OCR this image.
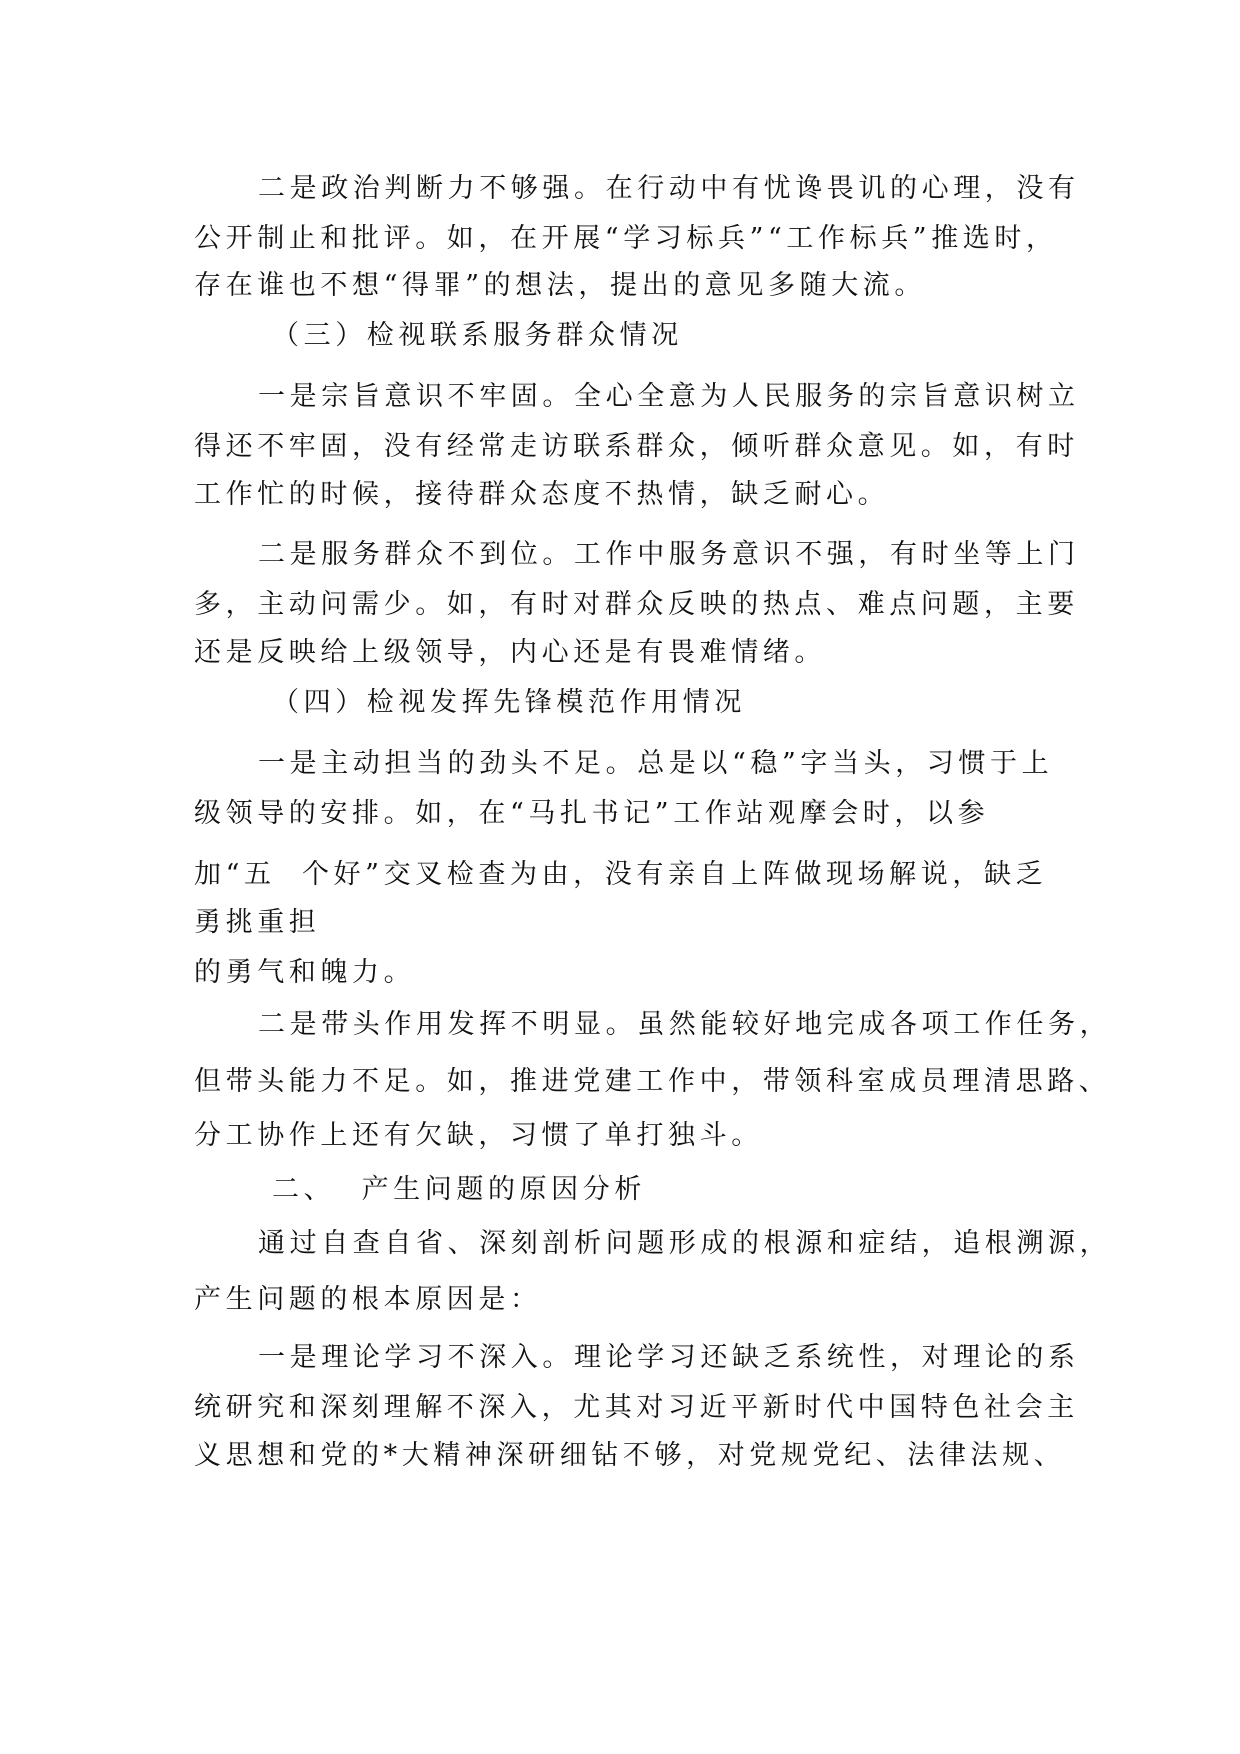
二是政治判断力不够强。在行动中有忧谗畏讥的心理，没有
公开制止和批评。如，在开展“学习标兵”“工作标兵”推选时，
存在谁也不想“得罪”的想法，提出的意见多随大流。
（三）检视联系服务群众情况
一是宗旨意识不牢固。全心全意为人民服务的宗旨意识树立
得还不牢固，没有经常走访联系群众，倾听群众意见。如，有时
工作忙的时候，接待群众态度不热情，缺乏耐心。
二是服务群众不到位。工作中服务意识不强，有时坐等上门
多，主动问需少。如，有时对群众反映的热点、难点问题，主要
还是反映给上级领导，内心还是有畏难情绪。
（四）检视发挥先锋模范作用情况
一是主动担当的劲头不足。总是以“稳”字当头，习惯于上
级领导的安排。如，在“马扎书记”工作站观摩会时，以参
加“五  个好”交叉检查为由，没有亲自上阵做现场解说，缺乏
勇挑重担
的勇气和魄力。
二是带头作用发挥不明显。虽然能较好地完成各项工作任务，
但带头能力不足。如，推进党建工作中，带领科室成员理清思路、
分工协作上还有欠缺，习惯了单打独斗。
二、  产生问题的原因分析
通过自查自省、深刻剖析问题形成的根源和症结，追根溯源，
产生问题的根本原因是：
一是理论学习不深入。理论学习还缺乏系统性，对理论的系
统研究和深刻理解不深入，尤其对习近平新时代中国特色社会主
义思想和党的*大精神深研细钻不够，对党规党纪、法律法规、
